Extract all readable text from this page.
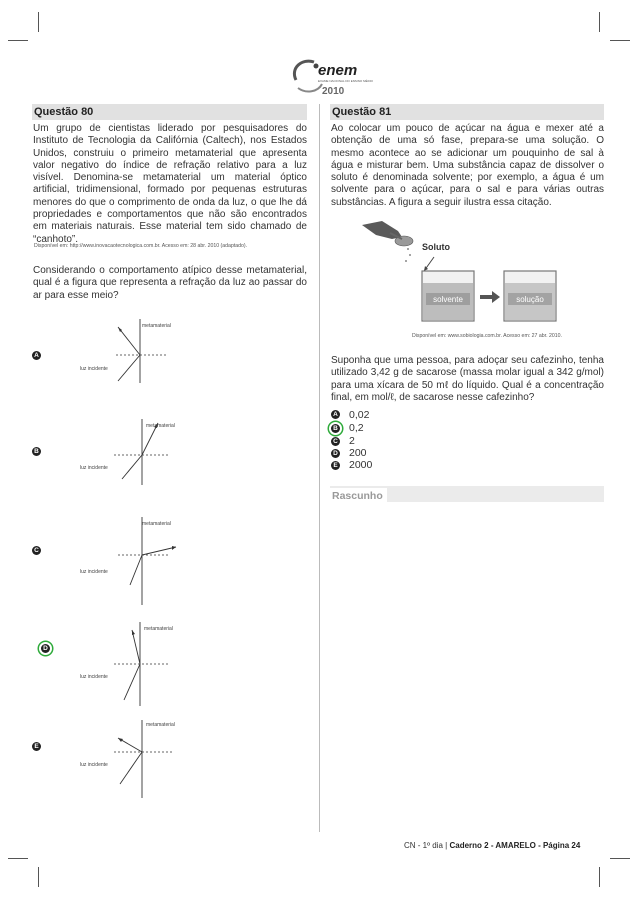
enem
EXAME NACIONAL DO ENSINO MÉDIO
2010
Questão 80
Um grupo de cientistas liderado por pesquisadores do Instituto de Tecnologia da Califórnia (Caltech), nos Estados Unidos, construiu o primeiro metamaterial que apresenta valor negativo do índice de refração relativo para a luz visível. Denomina-se metamaterial um material óptico artificial, tridimensional, formado por pequenas estruturas menores do que o comprimento de onda da luz, o que lhe dá propriedades e comportamentos que não são encontrados em materiais naturais. Esse material tem sido chamado de “canhoto”.
Disponível em: http://www.inovacaotecnologica.com.br. Acesso em: 28 abr. 2010 (adaptado).
Considerando o comportamento atípico desse metamaterial, qual é a figura que representa a refração da luz ao passar do ar para esse meio?
A
metamaterial
luz incidente
B
metamaterial
luz incidente
C
metamaterial
luz incidente
D
metamaterial
luz incidente
E
metamaterial
luz incidente
Questão 81
Ao colocar um pouco de açúcar na água e mexer até a obtenção de uma só fase, prepara-se uma solução. O mesmo acontece ao se adicionar um pouquinho de sal à água e misturar bem. Uma substância capaz de dissolver o soluto é denominada solvente; por exemplo, a água é um solvente para o açúcar, para o sal e para várias outras substâncias. A figura a seguir ilustra essa citação.
Soluto
solvente	solução
Disponível em: www.sobiologia.com.br. Acesso em: 27 abr. 2010.
Suponha que uma pessoa, para adoçar seu cafezinho, tenha utilizado 3,42 g de sacarose (massa molar igual a 342 g/mol) para uma xícara de 50 mℓ do líquido. Qual é a concentração final, em mol/ℓ, de sacarose nesse cafezinho?
A 0,02
B 0,2
C 2
D 200
E 2000
Rascunho
CN - 1º dia | Caderno 2 - AMARELO - Página 24
